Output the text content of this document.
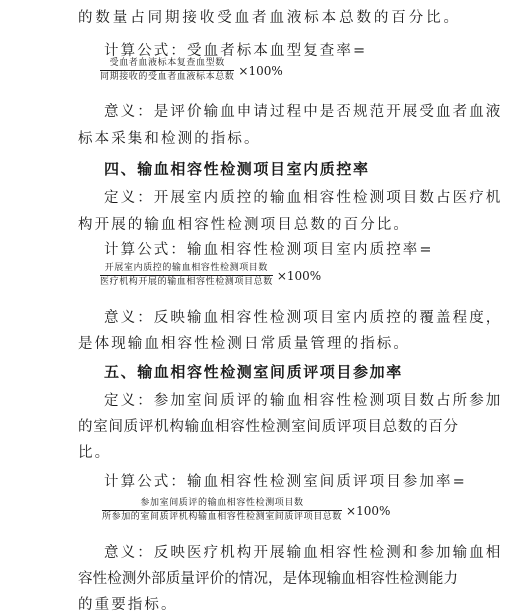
的数量占同期接收受血者血液标本总数的百分比。
计算公式：受血者标本血型复查率=
$\frac{\text{受血者血液标本复查血型数}}{\text{同期接收的受血者血液标本总数}} \times 100\%$
意义：是评价输血申请过程中是否规范开展受血者血液
标本采集和检测的指标。
四、输血相容性检测项目室内质控率
定义：开展室内质控的输血相容性检测项目数占医疗机
构开展的输血相容性检测项目总数的百分比。
计算公式：输血相容性检测项目室内质控率=
$\frac{\text{开展室内质控的输血相容性检测项目数}}{\text{医疗机构开展的输血相容性检测项目总数}} \times 100\%$
意义：反映输血相容性检测项目室内质控的覆盖程度，
是体现输血相容性检测日常质量管理的指标。
五、输血相容性检测室间质评项目参加率
定义：参加室间质评的输血相容性检测项目数占所参加
的室间质评机构输血相容性检测室间质评项目总数的百分
比。
计算公式：输血相容性检测室间质评项目参加率=
$\frac{\text{参加室间质评的输血相容性检测项目数}}{\text{所参加的室间质评机构输血相容性检测室间质评项目总数}} \times 100\%$
意义：反映医疗机构开展输血相容性检测和参加输血相
容性检测外部质量评价的情况，是体现输血相容性检测能力
的重要指标。
